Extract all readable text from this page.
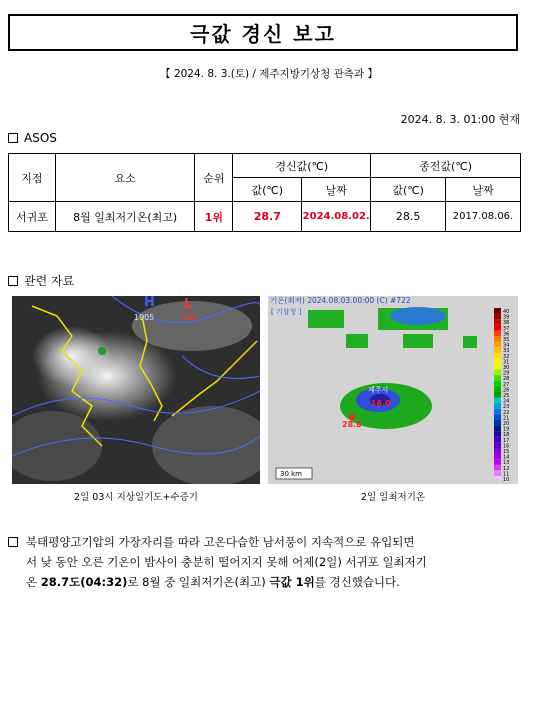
극값 경신 보고
【 2024. 8. 3.(토) / 제주지방기상청 관측과 】
2024. 8. 3. 01:00 현재
ASOS
지점	요소	순위	경신값(℃)		종전값(℃)	
			값(℃)	날짜	값(℃)	날짜
서귀포	8월 일최저기온(최고)	1위	28.7	2024.08.02.	28.5	2017.08.06.
관련 자료
H
1005
L
999
2일 03시 지상일기도+수증기
기온(최저) 2024.08.03.00:00 (C) #722
[ 기상청 ]
제주시
16.0
28.8
30 km
40
39
38
37
36
35
34
33
32
31
30
29
28
27
26
25
24
23
22
21
20
19
18
17
16
15
14
13
12
11
10
2일 일최저기온
북태평양고기압의 가장자리를 따라 고온다습한 남서풍이 지속적으로 유입되면
서 낮 동안 오른 기온이 밤사이 충분히 떨어지지 못해 어제(2일) 서귀포 일최저기
온 28.7도(04:32)로 8월 중 일최저기온(최고) 극값 1위를 경신했습니다.
